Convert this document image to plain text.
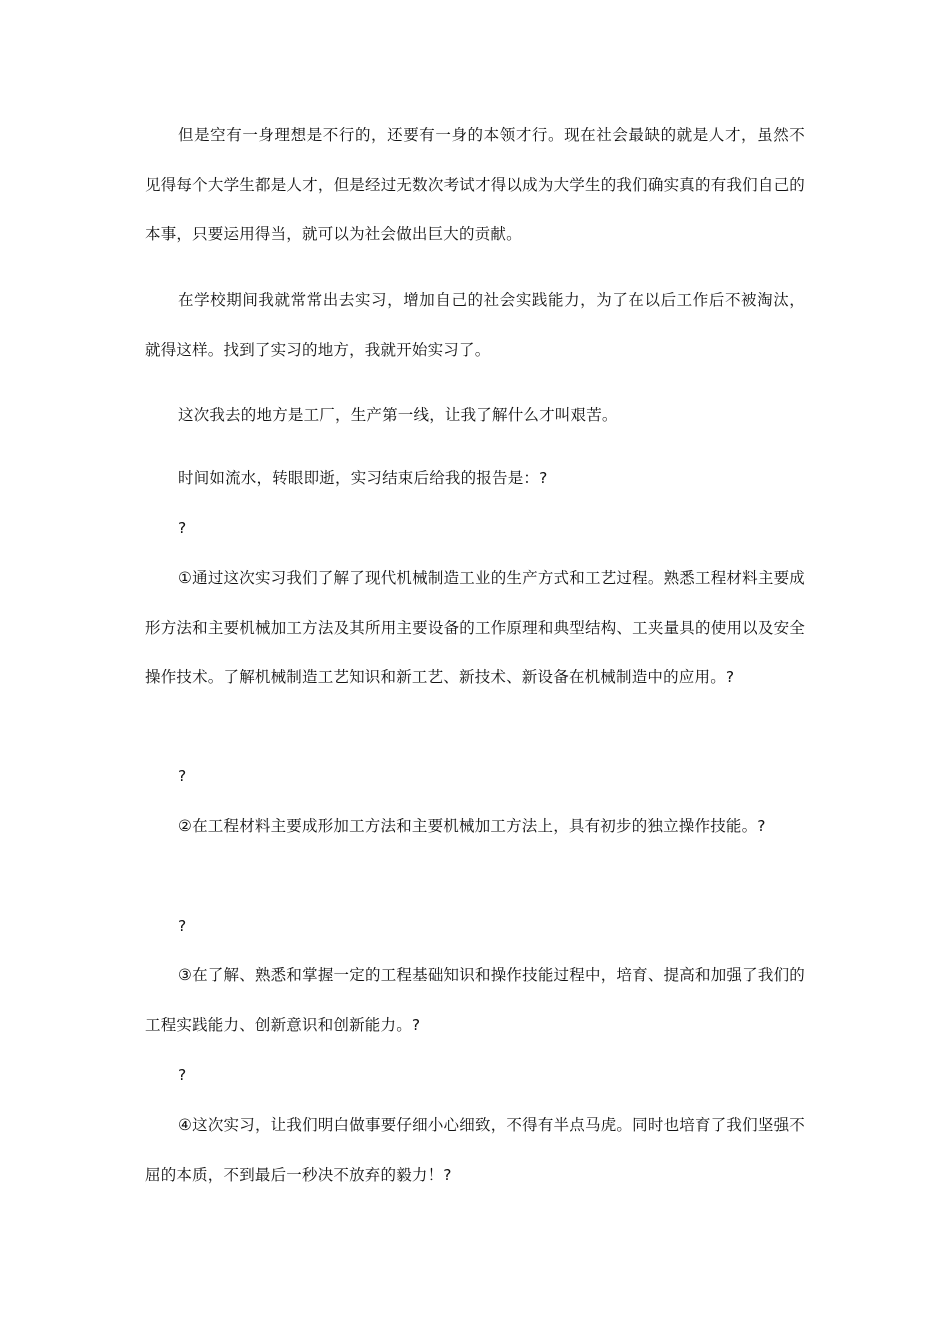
但是空有一身理想是不行的，还要有一身的本领才行。现在社会最缺的就是人才，虽然不见得每个大学生都是人才，但是经过无数次考试才得以成为大学生的我们确实真的有我们自己的本事，只要运用得当，就可以为社会做出巨大的贡献。

在学校期间我就常常出去实习，增加自己的社会实践能力，为了在以后工作后不被淘汰，就得这样。找到了实习的地方，我就开始实习了。

这次我去的地方是工厂，生产第一线，让我了解什么才叫艰苦。

时间如流水，转眼即逝，实习结束后给我的报告是：?

?

①通过这次实习我们了解了现代机械制造工业的生产方式和工艺过程。熟悉工程材料主要成形方法和主要机械加工方法及其所用主要设备的工作原理和典型结构、工夹量具的使用以及安全操作技术。了解机械制造工艺知识和新工艺、新技术、新设备在机械制造中的应用。?

?

②在工程材料主要成形加工方法和主要机械加工方法上，具有初步的独立操作技能。?

?

③在了解、熟悉和掌握一定的工程基础知识和操作技能过程中，培育、提高和加强了我们的工程实践能力、创新意识和创新能力。?

?

④这次实习，让我们明白做事要仔细小心细致，不得有半点马虎。同时也培育了我们坚强不屈的本质，不到最后一秒决不放弃的毅力！?
